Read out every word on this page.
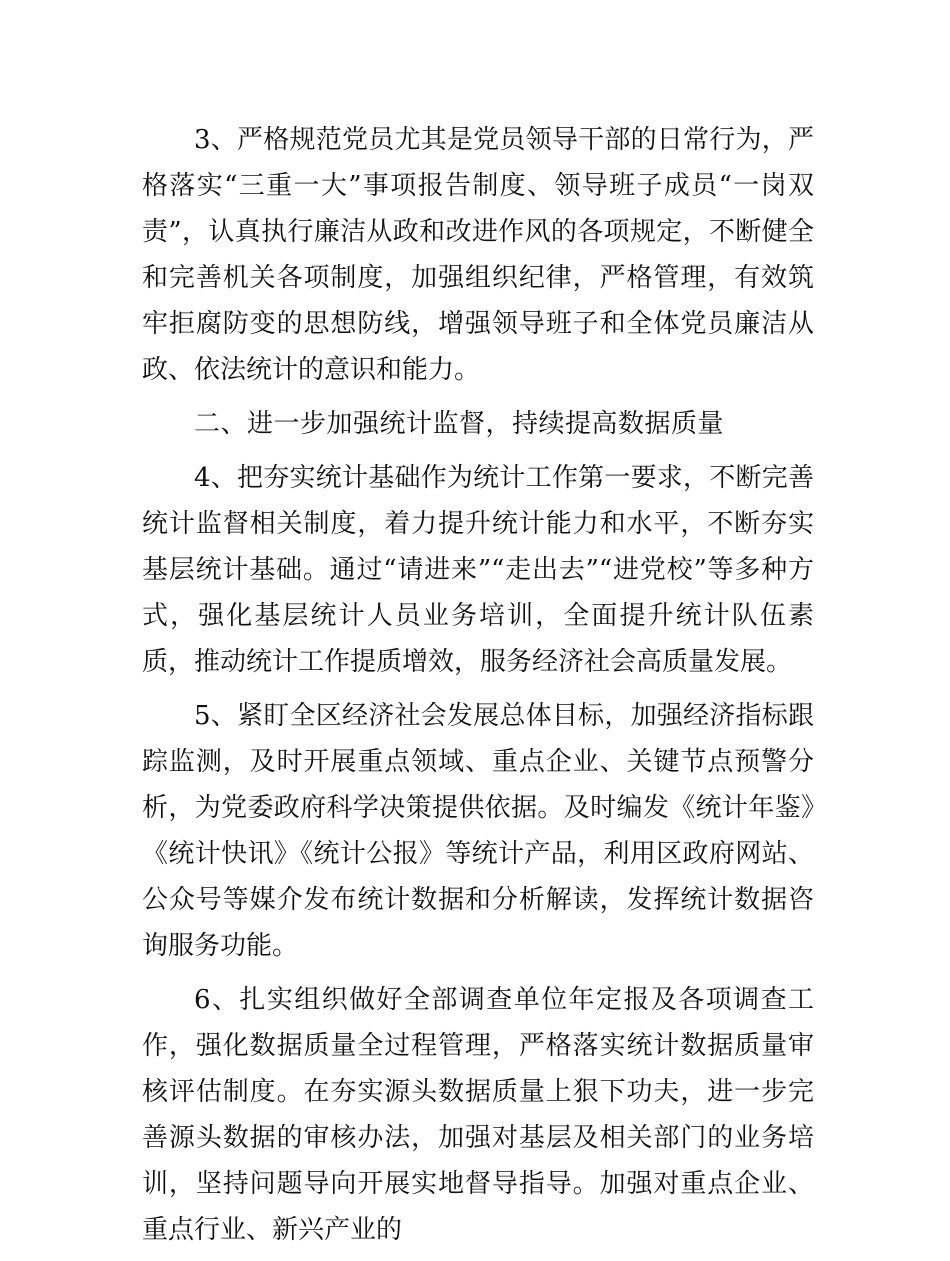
3、严格规范党员尤其是党员领导干部的日常行为，严格落实“三重一大”事项报告制度、领导班子成员“一岗双责”，认真执行廉洁从政和改进作风的各项规定，不断健全和完善机关各项制度，加强组织纪律，严格管理，有效筑牢拒腐防变的思想防线，增强领导班子和全体党员廉洁从政、依法统计的意识和能力。

二、进一步加强统计监督，持续提高数据质量

4、把夯实统计基础作为统计工作第一要求，不断完善统计监督相关制度，着力提升统计能力和水平，不断夯实基层统计基础。通过“请进来”“走出去”“进党校”等多种方式，强化基层统计人员业务培训，全面提升统计队伍素质，推动统计工作提质增效，服务经济社会高质量发展。

5、紧盯全区经济社会发展总体目标，加强经济指标跟踪监测，及时开展重点领域、重点企业、关键节点预警分析，为党委政府科学决策提供依据。及时编发《统计年鉴》《统计快讯》《统计公报》等统计产品，利用区政府网站、公众号等媒介发布统计数据和分析解读，发挥统计数据咨询服务功能。

6、扎实组织做好全部调查单位年定报及各项调查工作，强化数据质量全过程管理，严格落实统计数据质量审核评估制度。在夯实源头数据质量上狠下功夫，进一步完善源头数据的审核办法，加强对基层及相关部门的业务培训，坚持问题导向开展实地督导指导。加强对重点企业、重点行业、新兴产业的
